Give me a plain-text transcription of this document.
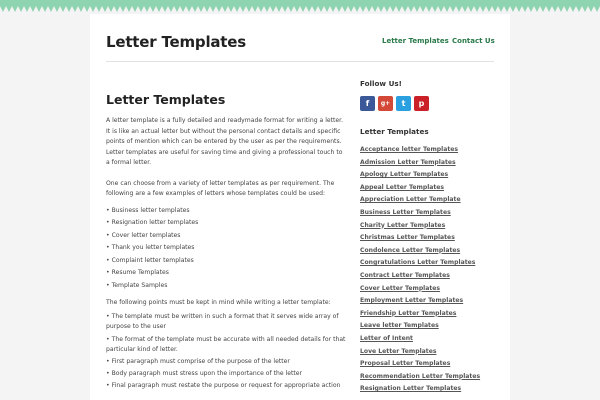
Letter Templates	Letter Templates Contact Us
Letter Templates

A letter template is a fully detailed and readymade format for writing a letter. It is like an actual letter but without the personal contact details and specific points of mention which can be entered by the user as per the requirements. Letter templates are useful for saving time and giving a professional touch to a formal letter.

One can choose from a variety of letter templates as per requirement. The following are a few examples of letters whose templates could be used:

• Business letter templates
• Resignation letter templates
• Cover letter templates
• Thank you letter templates
• Complaint letter templates
• Resume Templates
• Template Samples

The following points must be kept in mind while writing a letter template:

• The template must be written in such a format that it serves wide array of purpose to the user
• The format of the template must be accurate with all needed details for that particular kind of letter.
• First paragraph must comprise of the purpose of the letter
• Body paragraph must stress upon the importance of the letter
• Final paragraph must restate the purpose or request for appropriate action
Follow Us!
f	g+	t	p
Letter Templates
Acceptance letter Templates
Admission Letter Templates
Apology Letter Templates
Appeal Letter Templates
Appreciation Letter Template
Business Letter Templates
Charity Letter Templates
Christmas Letter Templates
Condolence Letter Templates
Congratulations Letter Templates
Contract Letter Templates
Cover Letter Templates
Employment Letter Templates
Friendship Letter Templates
Leave letter Templates
Letter of Intent
Love Letter Templates
Proposal Letter Templates
Recommendation Letter Templates
Resignation Letter Templates
